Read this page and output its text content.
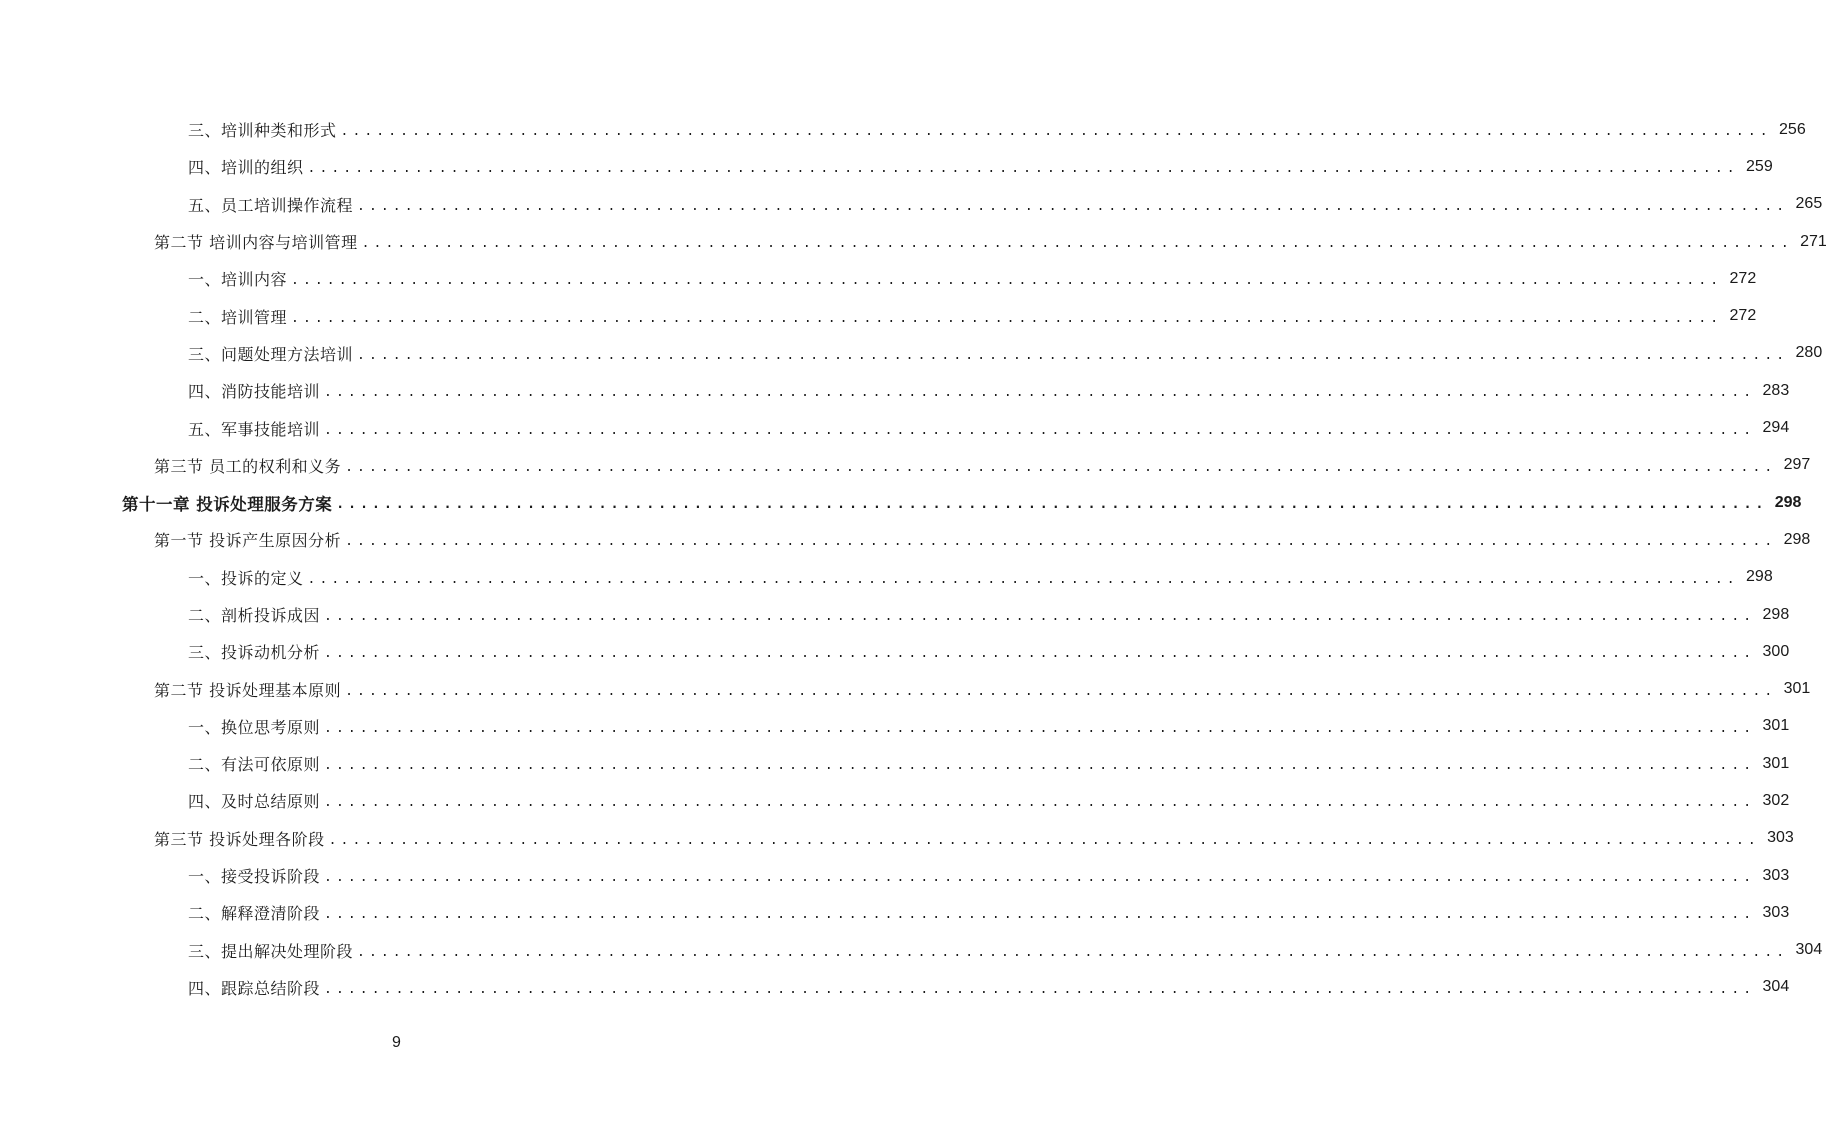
三、培训种类和形式 ........................................................................................................................ 256
四、培训的组织 ........................................................................................................................ 259
五、员工培训操作流程 ........................................................................................................................ 265
第二节 培训内容与培训管理 ........................................................................................................................ 271
一、培训内容 ........................................................................................................................ 272
二、培训管理 ........................................................................................................................ 272
三、问题处理方法培训 ........................................................................................................................ 280
四、消防技能培训 ........................................................................................................................ 283
五、军事技能培训 ........................................................................................................................ 294
第三节 员工的权利和义务 ........................................................................................................................ 297
第十一章 投诉处理服务方案 ........................................................................................................................ 298
第一节 投诉产生原因分析 ........................................................................................................................ 298
一、投诉的定义 ........................................................................................................................ 298
二、剖析投诉成因 ........................................................................................................................ 298
三、投诉动机分析 ........................................................................................................................ 300
第二节 投诉处理基本原则 ........................................................................................................................ 301
一、换位思考原则 ........................................................................................................................ 301
二、有法可依原则 ........................................................................................................................ 301
四、及时总结原则 ........................................................................................................................ 302
第三节 投诉处理各阶段 ........................................................................................................................ 303
一、接受投诉阶段 ........................................................................................................................ 303
二、解释澄清阶段 ........................................................................................................................ 303
三、提出解决处理阶段 ........................................................................................................................ 304
四、跟踪总结阶段 ........................................................................................................................ 304
9
